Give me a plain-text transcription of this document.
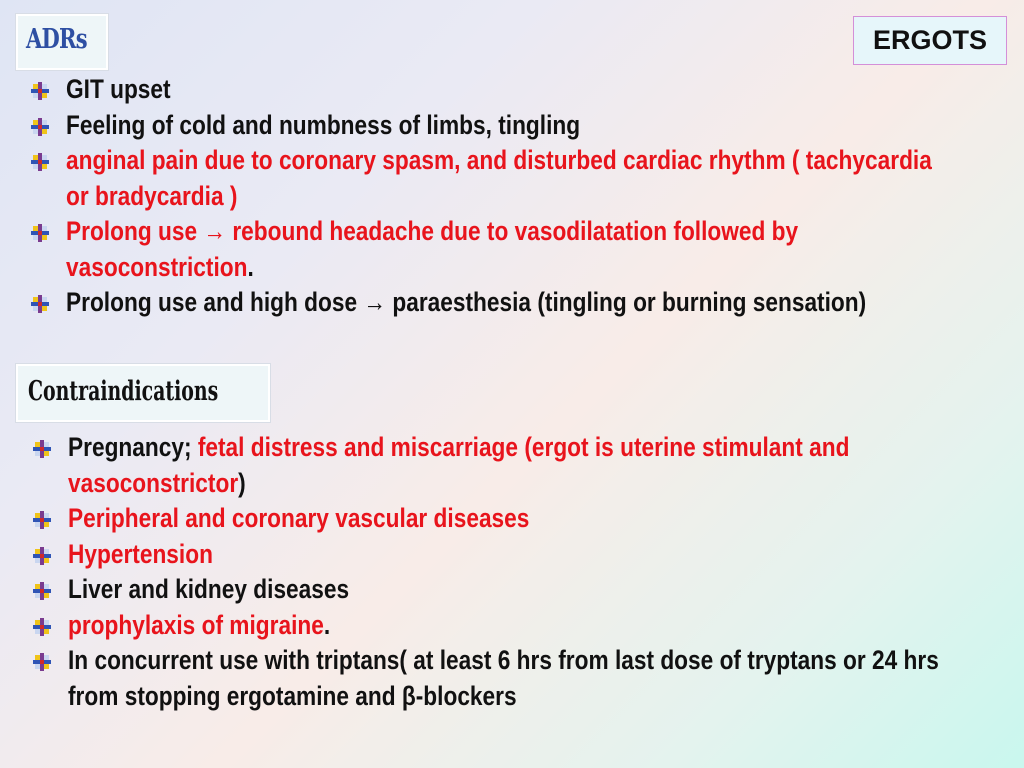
ADRs	ERGOTS
GIT upset
Feeling of cold and numbness of limbs, tingling
anginal pain due to coronary spasm, and disturbed cardiac rhythm ( tachycardia or bradycardia )
Prolong use → rebound headache due to vasodilatation followed by vasoconstriction.
Prolong use and high dose → paraesthesia (tingling or burning sensation)
Contraindications
Pregnancy; fetal distress and miscarriage (ergot is uterine stimulant and vasoconstrictor)
Peripheral and coronary vascular diseases
Hypertension
Liver and kidney diseases
prophylaxis of migraine.
In concurrent use with triptans( at least 6 hrs from last dose of tryptans or 24 hrs from stopping ergotamine and β-blockers
